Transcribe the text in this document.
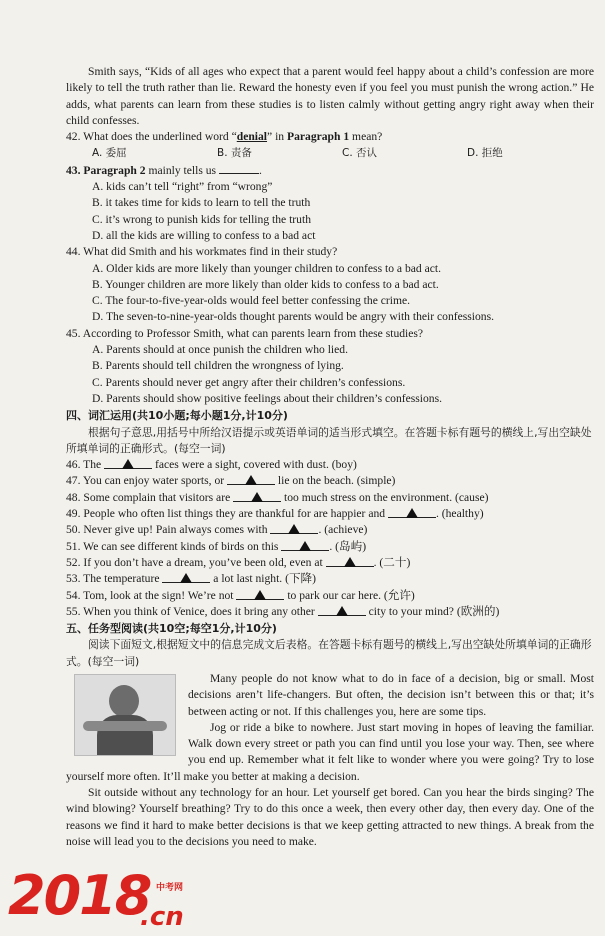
Smith says, “Kids of all ages who expect that a parent would feel happy about a child’s confession are more likely to tell the truth rather than lie. Reward the honesty even if you feel you must punish the wrong action.” He adds, what parents can learn from these studies is to listen calmly without getting angry right away when their child confesses.

42. What does the underlined word “denial” in Paragraph 1 mean?
A. 委屈	B. 责备	C. 否认	D. 拒绝
43. Paragraph 2 mainly tells us	.
A. kids can’t tell “right” from “wrong”
B. it takes time for kids to learn to tell the truth
C. it’s wrong to punish kids for telling the truth
D. all the kids are willing to confess to a bad act
44. What did Smith and his workmates find in their study?
A. Older kids are more likely than younger children to confess to a bad act.
B. Younger children are more likely than older kids to confess to a bad act.
C. The four-to-five-year-olds would feel better confessing the crime.
D. The seven-to-nine-year-olds thought parents would be angry with their confessions.
45. According to Professor Smith, what can parents learn from these studies?
A. Parents should at once punish the children who lied.
B. Parents should tell children the wrongness of lying.
C. Parents should never get angry after their children’s confessions.
D. Parents should show positive feelings about their children’s confessions.
四、词汇运用(共10小题;每小题1分,计10分)

根据句子意思,用括号中所给汉语提示或英语单词的适当形式填空。在答题卡标有题号的横线上,写出空缺处所填单词的正确形式。(每空一词)

46. The	faces were a sight, covered with dust. (boy)
47. You can enjoy water sports, or	lie on the beach. (simple)
48. Some complain that visitors are	too much stress on the environment. (cause)
49. People who often list things they are thankful for are happier and	. (healthy)
50. Never give up! Pain always comes with	. (achieve)
51. We can see different kinds of birds on this	. (岛屿)
52. If you don’t have a dream, you’ve been old, even at	. (二十)
53. The temperature	a lot last night. (下降)
54. Tom, look at the sign! We’re not	to park our car here. (允许)
55. When you think of Venice, does it bring any other	city to your mind? (欧洲的)
五、任务型阅读(共10空;每空1分,计10分)

阅读下面短文,根据短文中的信息完成文后表格。在答题卡标有题号的横线上,写出空缺处所填单词的正确形式。(每空一词)

Many people do not know what to do in face of a decision, big or small. Most decisions aren’t life-changers. But often, the decision isn’t between this or that; it’s between acting or not. If this challenges you, here are some tips.

Jog or ride a bike to nowhere. Just start moving in hopes of leaving the familiar. Walk down every street or path you can find until you lose your way. Then, see where you end up. Remember what it felt like to wonder where you were going? Try to lose yourself more often. It’ll make you better at making a decision.

Sit outside without any technology for an hour. Let yourself get bored. Can you hear the birds singing? The wind blowing? Yourself breathing? Try to do this once a week, then every other day, then every day. One of the reasons we find it hard to make better decisions is that we keep getting attracted to new things. A break from the noise will lead you to the decisions you need to make.

2018 中考网
.cn
